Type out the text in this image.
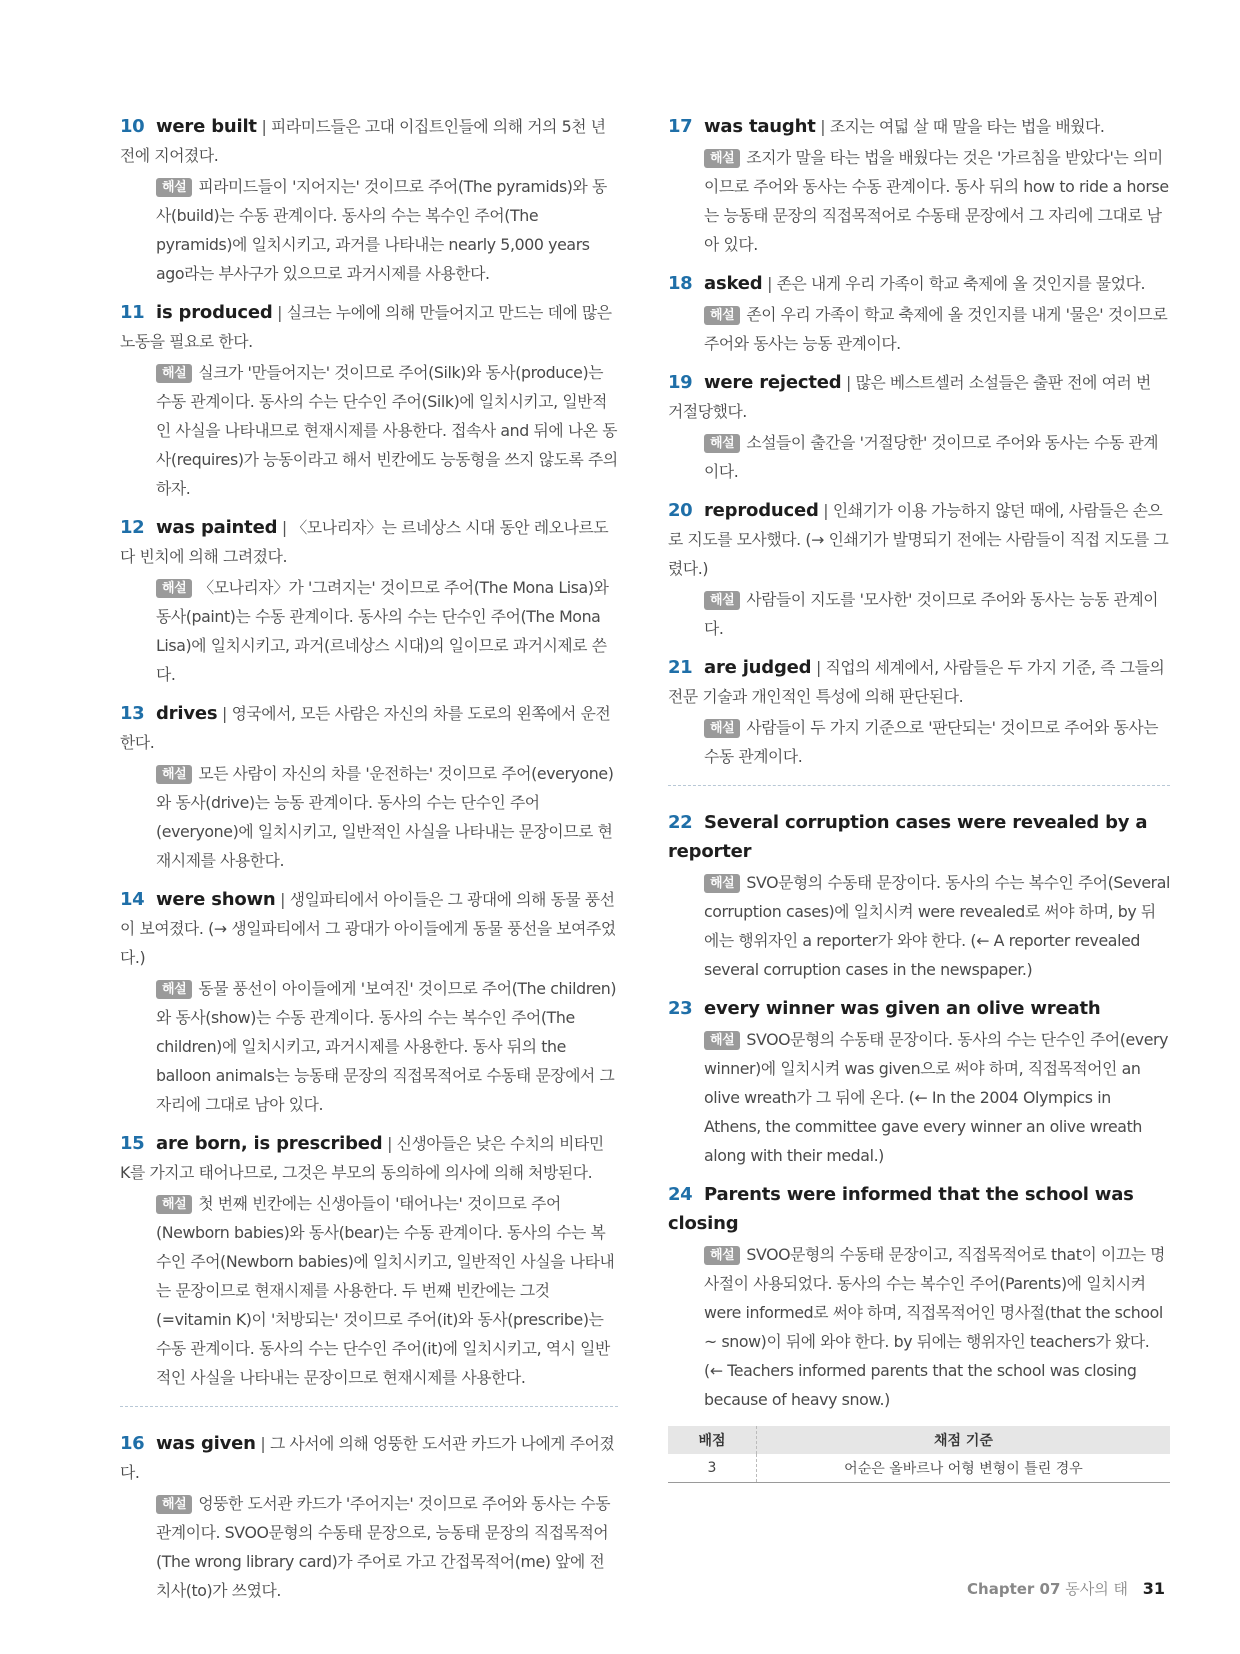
10 were built | 피라미드들은 고대 이집트인들에 의해 거의 5천 년 전에 지어졌다.
해설 피라미드들이 '지어지는' 것이므로 주어(The pyramids)와 동사(build)는 수동 관계이다. 동사의 수는 복수인 주어(The pyramids)에 일치시키고, 과거를 나타내는 nearly 5,000 years ago라는 부사구가 있으므로 과거시제를 사용한다.
11 is produced | 실크는 누에에 의해 만들어지고 만드는 데에 많은 노동을 필요로 한다.
해설 실크가 '만들어지는' 것이므로 주어(Silk)와 동사(produce)는 수동 관계이다. 동사의 수는 단수인 주어(Silk)에 일치시키고, 일반적인 사실을 나타내므로 현재시제를 사용한다. 접속사 and 뒤에 나온 동사(requires)가 능동이라고 해서 빈칸에도 능동형을 쓰지 않도록 주의하자.
12 was painted | 〈모나리자〉는 르네상스 시대 동안 레오나르도 다 빈치에 의해 그려졌다.
해설 〈모나리자〉가 '그려지는' 것이므로 주어(The Mona Lisa)와 동사(paint)는 수동 관계이다. 동사의 수는 단수인 주어(The Mona Lisa)에 일치시키고, 과거(르네상스 시대)의 일이므로 과거시제로 쓴다.
13 drives | 영국에서, 모든 사람은 자신의 차를 도로의 왼쪽에서 운전한다.
해설 모든 사람이 자신의 차를 '운전하는' 것이므로 주어(everyone)와 동사(drive)는 능동 관계이다. 동사의 수는 단수인 주어(everyone)에 일치시키고, 일반적인 사실을 나타내는 문장이므로 현재시제를 사용한다.
14 were shown | 생일파티에서 아이들은 그 광대에 의해 동물 풍선이 보여졌다. (→ 생일파티에서 그 광대가 아이들에게 동물 풍선을 보여주었다.)
해설 동물 풍선이 아이들에게 '보여진' 것이므로 주어(The children)와 동사(show)는 수동 관계이다. 동사의 수는 복수인 주어(The children)에 일치시키고, 과거시제를 사용한다. 동사 뒤의 the balloon animals는 능동태 문장의 직접목적어로 수동태 문장에서 그 자리에 그대로 남아 있다.
15 are born, is prescribed | 신생아들은 낮은 수치의 비타민 K를 가지고 태어나므로, 그것은 부모의 동의하에 의사에 의해 처방된다.
해설 첫 번째 빈칸에는 신생아들이 '태어나는' 것이므로 주어(Newborn babies)와 동사(bear)는 수동 관계이다. 동사의 수는 복수인 주어(Newborn babies)에 일치시키고, 일반적인 사실을 나타내는 문장이므로 현재시제를 사용한다. 두 번째 빈칸에는 그것(=vitamin K)이 '처방되는' 것이므로 주어(it)와 동사(prescribe)는 수동 관계이다. 동사의 수는 단수인 주어(it)에 일치시키고, 역시 일반적인 사실을 나타내는 문장이므로 현재시제를 사용한다.
16 was given | 그 사서에 의해 엉뚱한 도서관 카드가 나에게 주어졌다.
해설 엉뚱한 도서관 카드가 '주어지는' 것이므로 주어와 동사는 수동 관계이다. SVOO문형의 수동태 문장으로, 능동태 문장의 직접목적어(The wrong library card)가 주어로 가고 간접목적어(me) 앞에 전치사(to)가 쓰였다.
17 was taught | 조지는 여덟 살 때 말을 타는 법을 배웠다.
해설 조지가 말을 타는 법을 배웠다는 것은 '가르침을 받았다'는 의미이므로 주어와 동사는 수동 관계이다. 동사 뒤의 how to ride a horse는 능동태 문장의 직접목적어로 수동태 문장에서 그 자리에 그대로 남아 있다.
18 asked | 존은 내게 우리 가족이 학교 축제에 올 것인지를 물었다.
해설 존이 우리 가족이 학교 축제에 올 것인지를 내게 '물은' 것이므로 주어와 동사는 능동 관계이다.
19 were rejected | 많은 베스트셀러 소설들은 출판 전에 여러 번 거절당했다.
해설 소설들이 출간을 '거절당한' 것이므로 주어와 동사는 수동 관계이다.
20 reproduced | 인쇄기가 이용 가능하지 않던 때에, 사람들은 손으로 지도를 모사했다. (→ 인쇄기가 발명되기 전에는 사람들이 직접 지도를 그렸다.)
해설 사람들이 지도를 '모사한' 것이므로 주어와 동사는 능동 관계이다.
21 are judged | 직업의 세계에서, 사람들은 두 가지 기준, 즉 그들의 전문 기술과 개인적인 특성에 의해 판단된다.
해설 사람들이 두 가지 기준으로 '판단되는' 것이므로 주어와 동사는 수동 관계이다.
22 Several corruption cases were revealed by a reporter
해설 SVO문형의 수동태 문장이다. 동사의 수는 복수인 주어(Several corruption cases)에 일치시켜 were revealed로 써야 하며, by 뒤에는 행위자인 a reporter가 와야 한다. (← A reporter revealed several corruption cases in the newspaper.)
23 every winner was given an olive wreath
해설 SVOO문형의 수동태 문장이다. 동사의 수는 단수인 주어(every winner)에 일치시켜 was given으로 써야 하며, 직접목적어인 an olive wreath가 그 뒤에 온다. (← In the 2004 Olympics in Athens, the committee gave every winner an olive wreath along with their medal.)
24 Parents were informed that the school was closing
해설 SVOO문형의 수동태 문장이고, 직접목적어로 that이 이끄는 명사절이 사용되었다. 동사의 수는 복수인 주어(Parents)에 일치시켜 were informed로 써야 하며, 직접목적어인 명사절(that the school ~ snow)이 뒤에 와야 한다. by 뒤에는 행위자인 teachers가 왔다. (← Teachers informed parents that the school was closing because of heavy snow.)
배점	채점 기준
3	어순은 올바르나 어형 변형이 틀린 경우
Chapter 07 동사의 태 31
